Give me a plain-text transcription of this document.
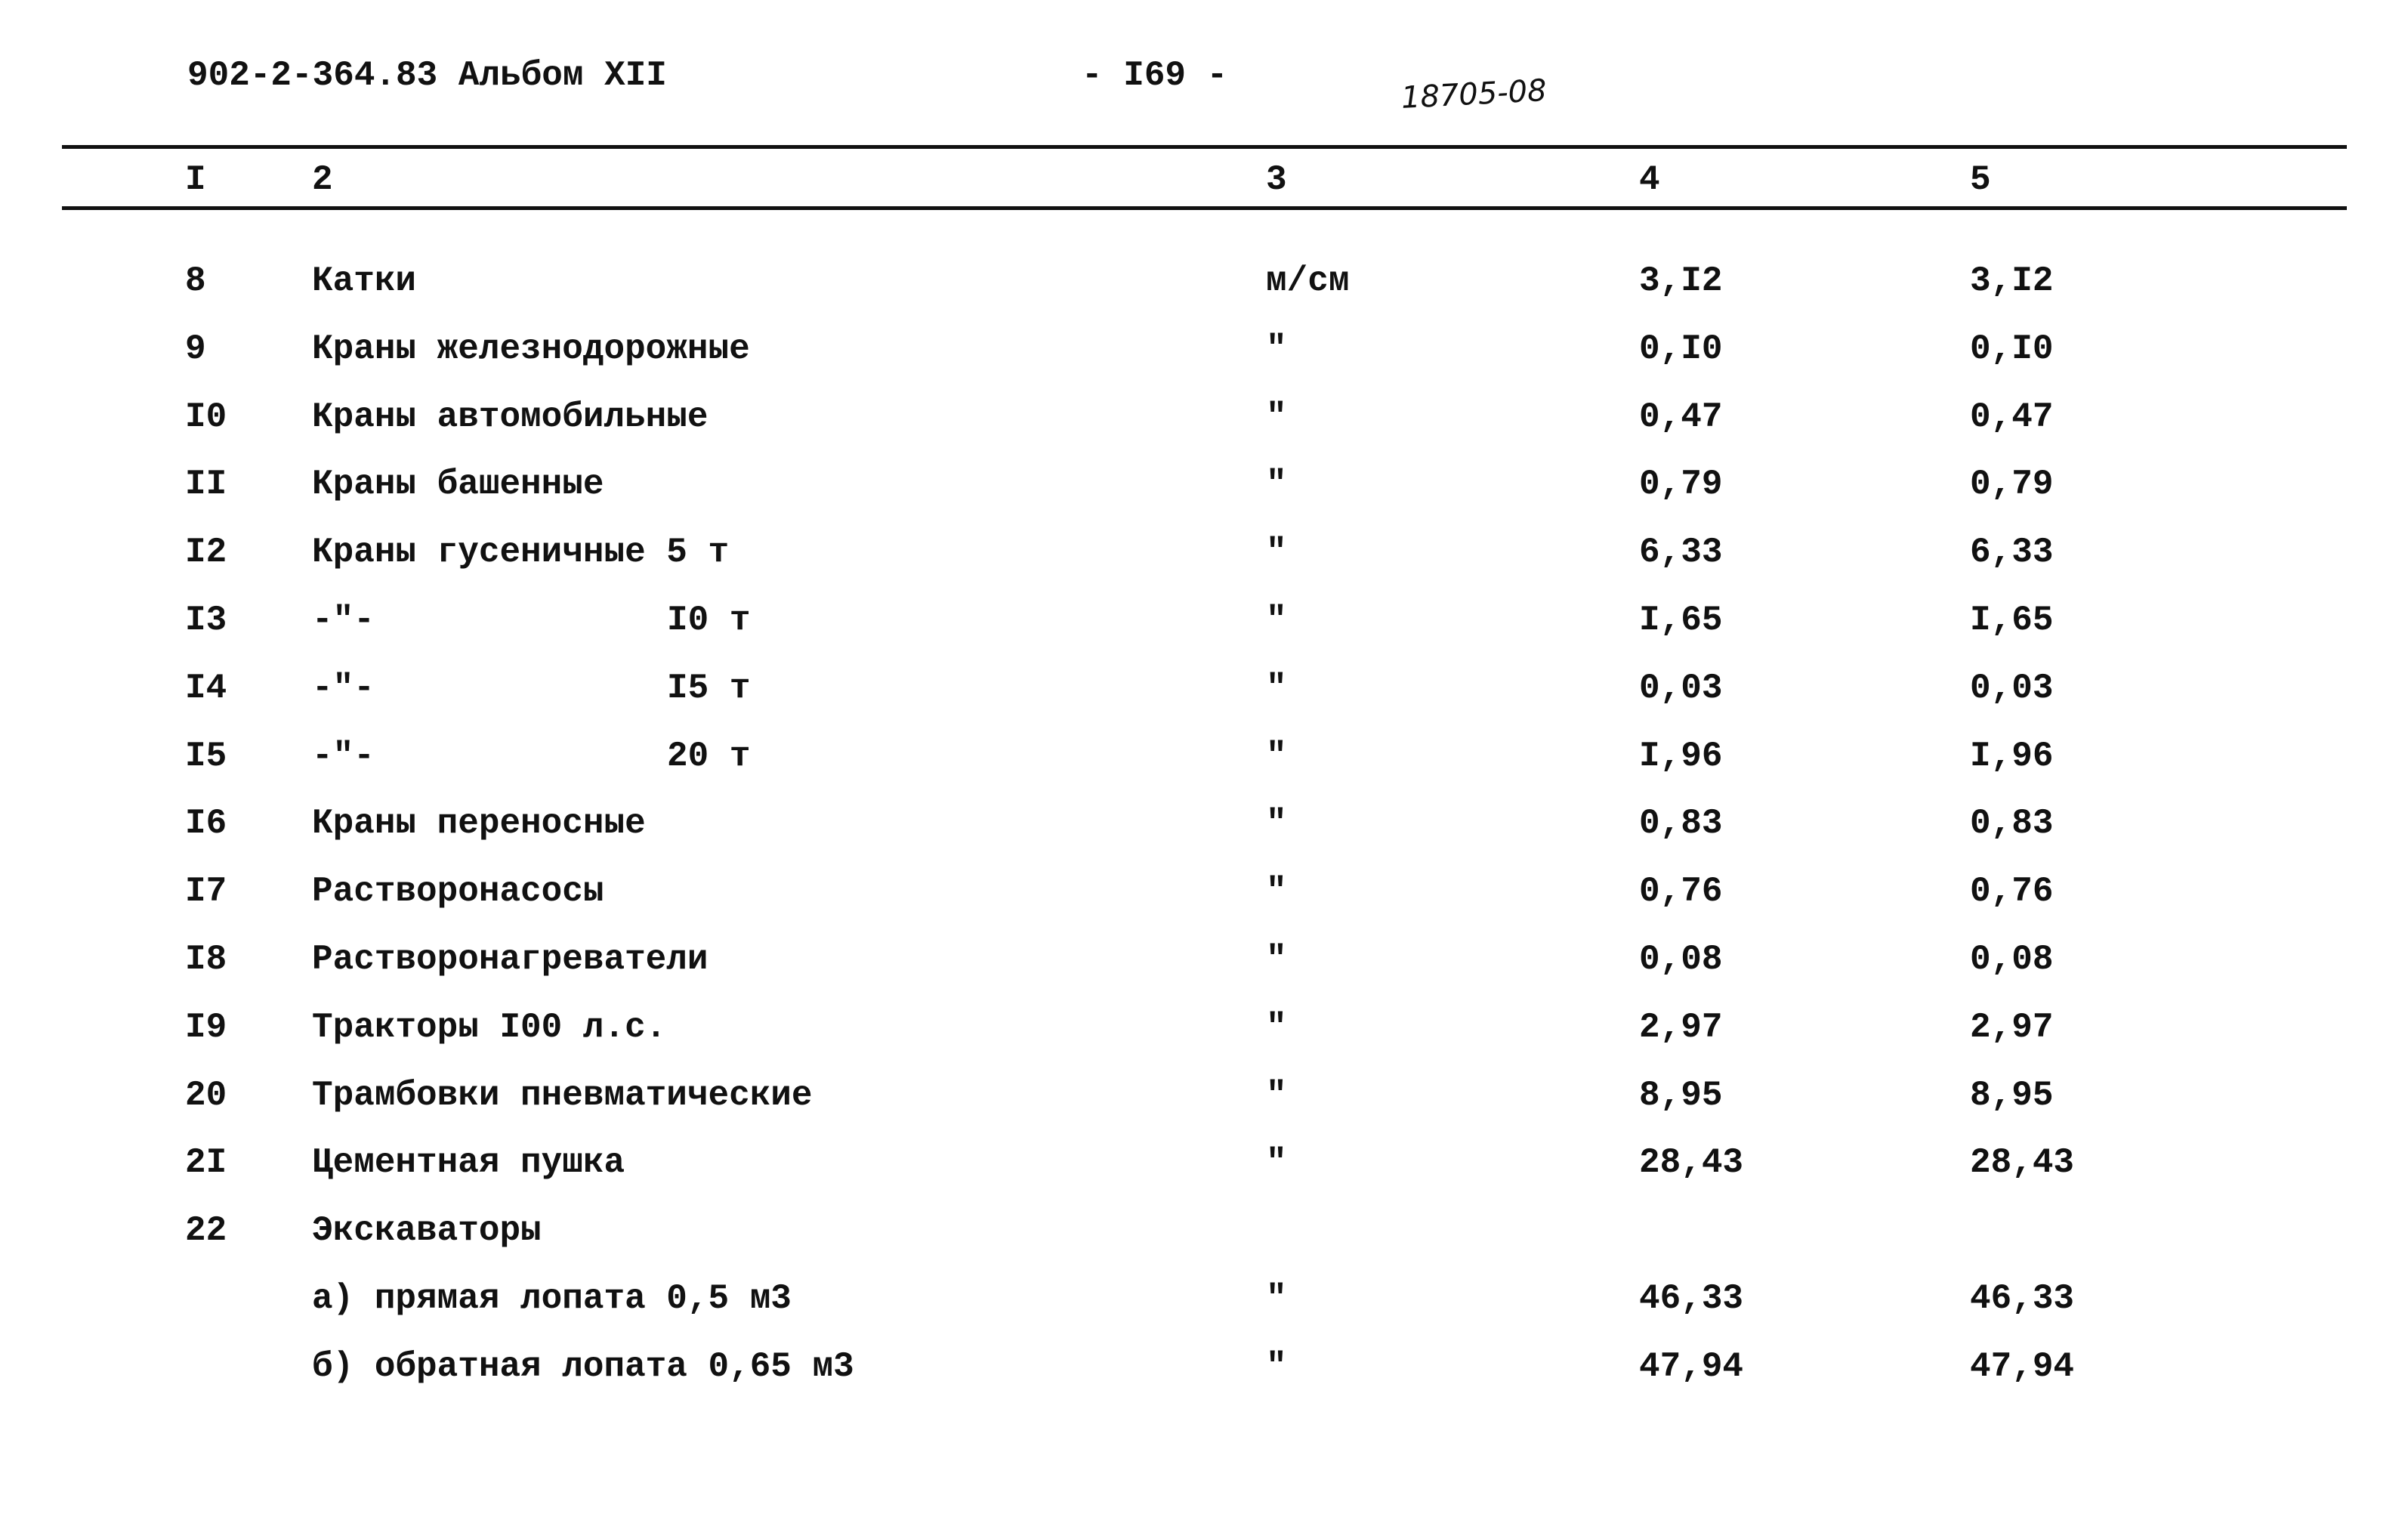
902-2-364.83 Альбом XII	- I69 -	18705-08
I	2	3	4	5
8	Катки	м/см	3,I2	3,I2
9	Краны железнодорожные	"	0,I0	0,I0
I0 Краны автомобильные	"	0,47	0,47
II Краны башенные	"	0,79	0,79
I2 Краны гусеничные 5 т	"	6,33	6,33
I3 -"-	I0 т	"	I,65	I,65
I4 -"-	I5 т	"	0,03	0,03
I5 -"-	20 т	"	I,96	I,96
I6 Краны переносные	"	0,83	0,83
I7 Растворонасосы	"	0,76	0,76
I8 Растворонагреватели	"	0,08	0,08
I9 Тракторы I00 л.с.	"	2,97	2,97
20 Трамбовки пневматические	"	8,95	8,95
2I Цементная пушка	"	28,43	28,43
22 Экскаваторы
а) прямая лопата 0,5 м3	"	46,33	46,33
б) обратная лопата 0,65 м3	"	47,94	47,94
